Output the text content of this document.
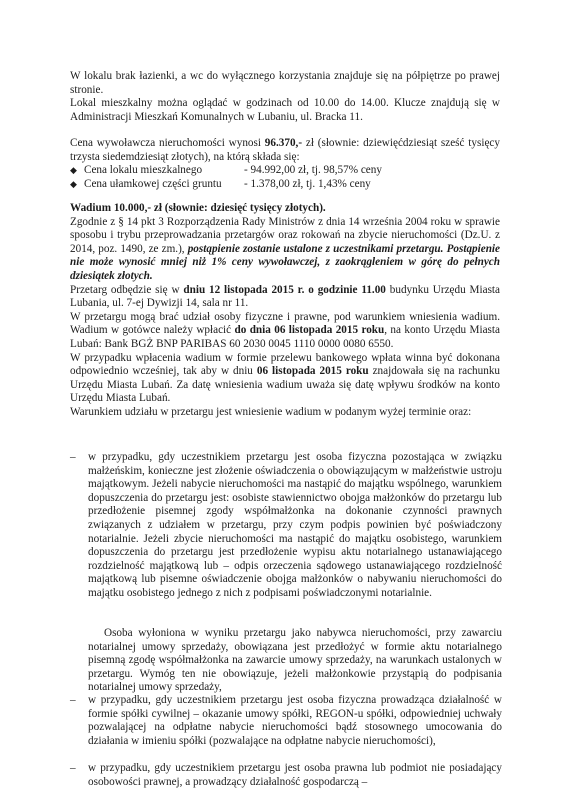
W lokalu brak łazienki, a wc do wyłącznego korzystania znajduje się na półpiętrze po prawej stronie.

Lokal mieszkalny można oglądać w godzinach od 10.00 do 14.00. Klucze znajdują się w Administracji Mieszkań Komunalnych w Lubaniu, ul. Bracka 11.

Cena wywoławcza nieruchomości wynosi 96.370,- zł (słownie: dziewięćdziesiąt sześć tysięcy trzysta siedemdziesiąt złotych), na którą składa się:

◆ Cena lokalu mieszkalnego	- 94.992,00 zł, tj. 98,57% ceny
◆ Cena ułamkowej części gruntu	- 1.378,00 zł, tj. 1,43% ceny

Wadium 10.000,- zł (słownie: dziesięć tysięcy złotych).

Zgodnie z § 14 pkt 3 Rozporządzenia Rady Ministrów z dnia 14 września 2004 roku w sprawie sposobu i trybu przeprowadzania przetargów oraz rokowań na zbycie nieruchomości (Dz.U. z 2014, poz. 1490, ze zm.), postąpienie zostanie ustalone z uczestnikami przetargu. Postąpienie nie może wynosić mniej niż 1% ceny wywoławczej, z zaokrągleniem w górę do pełnych dziesiątek złotych.

Przetarg odbędzie się w dniu 12 listopada 2015 r. o godzinie 11.00 budynku Urzędu Miasta Lubania, ul. 7-ej Dywizji 14, sala nr 11.

W przetargu mogą brać udział osoby fizyczne i prawne, pod warunkiem wniesienia wadium. Wadium w gotówce należy wpłacić do dnia 06 listopada 2015 roku, na konto Urzędu Miasta Lubań: Bank BGŻ BNP PARIBAS 60 2030 0045 1110 0000 0080 6550.

W przypadku wpłacenia wadium w formie przelewu bankowego wpłata winna być dokonana odpowiednio wcześniej, tak aby w dniu 06 listopada 2015 roku znajdowała się na rachunku Urzędu Miasta Lubań. Za datę wniesienia wadium uważa się datę wpływu środków na konto Urzędu Miasta Lubań.

Warunkiem udziału w przetargu jest wniesienie wadium w podanym wyżej terminie oraz:

–	w przypadku, gdy uczestnikiem przetargu jest osoba fizyczna pozostająca w związku małżeńskim, konieczne jest złożenie oświadczenia o obowiązującym w małżeństwie ustroju majątkowym. Jeżeli nabycie nieruchomości ma nastąpić do majątku wspólnego, warunkiem dopuszczenia do przetargu jest: osobiste stawiennictwo obojga małżonków do przetargu lub przedłożenie pisemnej zgody współmałżonka na dokonanie czynności prawnych związanych z udziałem w przetargu, przy czym podpis powinien być poświadczony notarialnie. Jeżeli zbycie nieruchomości ma nastąpić do majątku osobistego, warunkiem dopuszczenia do przetargu jest przedłożenie wypisu aktu notarialnego ustanawiającego rozdzielność majątkową lub – odpis orzeczenia sądowego ustanawiającego rozdzielność majątkową lub pisemne oświadczenie obojga małżonków o nabywaniu nieruchomości do majątku osobistego jednego z nich z podpisami poświadczonymi notarialnie.
Osoba wyłoniona w wyniku przetargu jako nabywca nieruchomości, przy zawarciu notarialnej umowy sprzedaży, obowiązana jest przedłożyć w formie aktu notarialnego pisemną zgodę współmałżonka na zawarcie umowy sprzedaży, na warunkach ustalonych w przetargu. Wymóg ten nie obowiązuje, jeżeli małżonkowie przystąpią do podpisania notarialnej umowy sprzedaży,
–	w przypadku, gdy uczestnikiem przetargu jest osoba fizyczna prowadząca działalność w formie spółki cywilnej – okazanie umowy spółki, REGON-u spółki, odpowiedniej uchwały pozwalającej na odpłatne nabycie nieruchomości bądź stosownego umocowania do działania w imieniu spółki (pozwalające na odpłatne nabycie nieruchomości),
–	w przypadku, gdy uczestnikiem przetargu jest osoba prawna lub podmiot nie posiadający osobowości prawnej, a prowadzący działalność gospodarczą –
